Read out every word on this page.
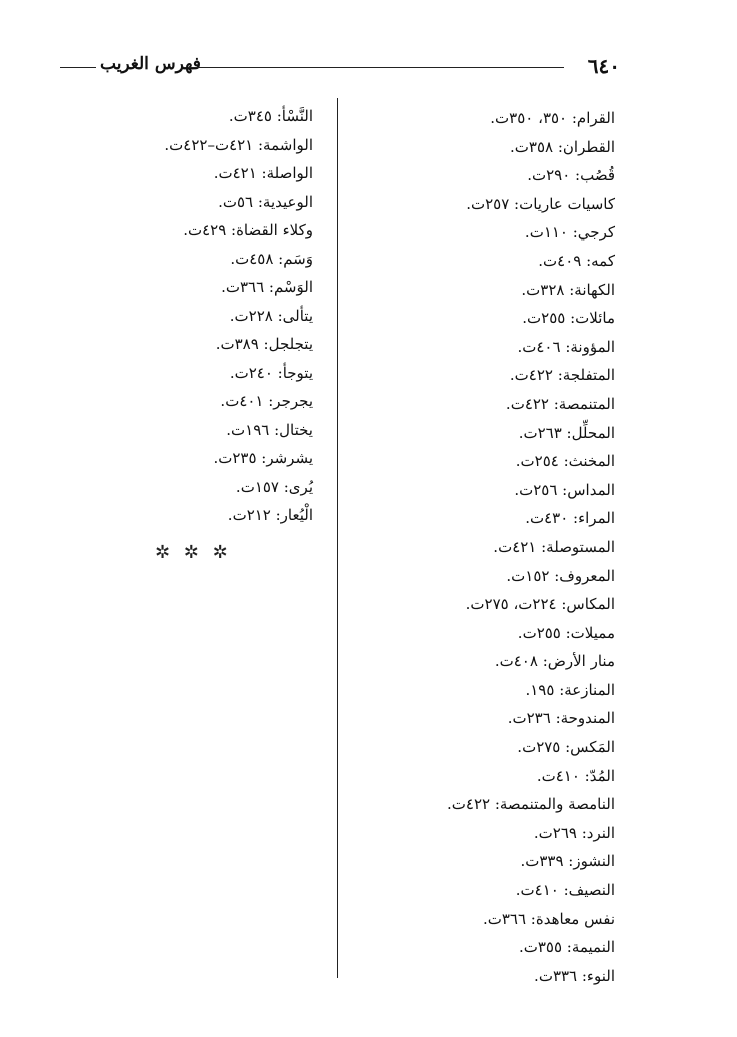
فهرس الغريب	٦٤٠
القرام: ٣٥٠، ٣٥٠ت.
القطران: ٣٥٨ت.
قُصُب: ٢٩٠ت.
كاسيات عاريات: ٢٥٧ت.
كرجي: ١١٠ت.
كمه: ٤٠٩ت.
الكهانة: ٣٢٨ت.
مائلات: ٢٥٥ت.
المؤونة: ٤٠٦ت.
المتفلجة: ٤٢٢ت.
المتنمصة: ٤٢٢ت.
المحلِّل: ٢٦٣ت.
المخنث: ٢٥٤ت.
المداس: ٢٥٦ت.
المراء: ٤٣٠ت.
المستوصلة: ٤٢١ت.
المعروف: ١٥٢ت.
المكاس: ٢٢٤ت، ٢٧٥ت.
مميلات: ٢٥٥ت.
منار الأرض: ٤٠٨ت.
المنازعة: ١٩٥.
المندوحة: ٢٣٦ت.
المَكس: ٢٧٥ت.
المُدّ: ٤١٠ت.
النامصة والمتنمصة: ٤٢٢ت.
النرد: ٢٦٩ت.
النشوز: ٣٣٩ت.
النصيف: ٤١٠ت.
نفس معاهدة: ٣٦٦ت.
النميمة: ٣٥٥ت.
النوء: ٣٣٦ت.
النَّسْأ: ٣٤٥ت.
الواشمة: ٤٢١ت–٤٢٢ت.
الواصلة: ٤٢١ت.
الوعيدية: ٥٦ت.
وكلاء القضاة: ٤٢٩ت.
وَسَم: ٤٥٨ت.
الوَسْم: ٣٦٦ت.
يتألى: ٢٢٨ت.
يتجلجل: ٣٨٩ت.
يتوجأ: ٢٤٠ت.
يجرجر: ٤٠١ت.
يختال: ١٩٦ت.
يشرشر: ٢٣٥ت.
يُرى: ١٥٧ت.
الْيُعار: ٢١٢ت.
✲ ✲ ✲
